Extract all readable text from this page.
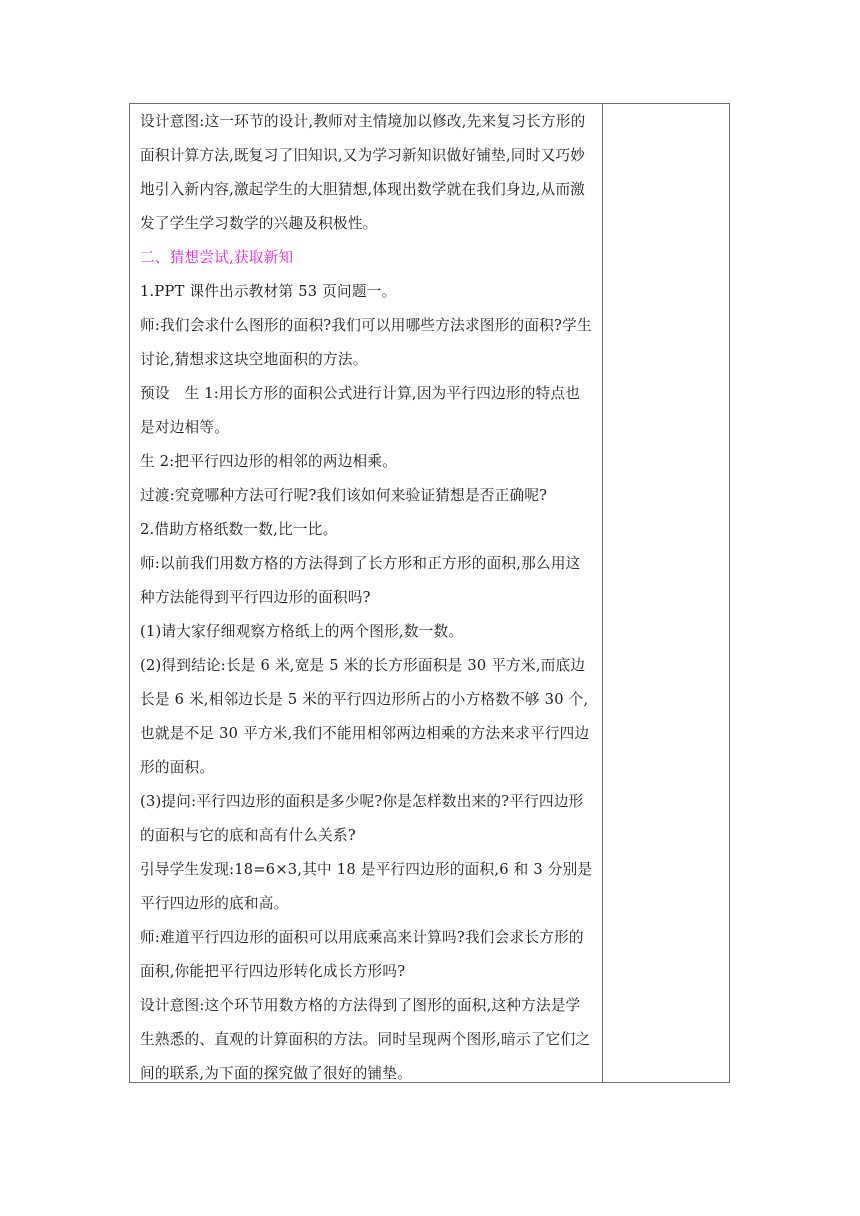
设计意图:这一环节的设计,教师对主情境加以修改,先来复习长方形的面积计算方法,既复习了旧知识,又为学习新知识做好铺垫,同时又巧妙地引入新内容,激起学生的大胆猜想,体现出数学就在我们身边,从而激发了学生学习数学的兴趣及积极性。

二、猜想尝试,获取新知

1.PPT 课件出示教材第 53 页问题一。

师:我们会求什么图形的面积?我们可以用哪些方法求图形的面积?学生讨论,猜想求这块空地面积的方法。

预设　生 1:用长方形的面积公式进行计算,因为平行四边形的特点也是对边相等。

生 2:把平行四边形的相邻的两边相乘。

过渡:究竟哪种方法可行呢?我们该如何来验证猜想是否正确呢?

2.借助方格纸数一数,比一比。

师:以前我们用数方格的方法得到了长方形和正方形的面积,那么用这种方法能得到平行四边形的面积吗?

(1)请大家仔细观察方格纸上的两个图形,数一数。

(2)得到结论:长是 6 米,宽是 5 米的长方形面积是 30 平方米,而底边长是 6 米,相邻边长是 5 米的平行四边形所占的小方格数不够 30 个,也就是不足 30 平方米,我们不能用相邻两边相乘的方法来求平行四边形的面积。

(3)提问:平行四边形的面积是多少呢?你是怎样数出来的?平行四边形的面积与它的底和高有什么关系?

引导学生发现:18=6×3,其中 18 是平行四边形的面积,6 和 3 分别是平行四边形的底和高。

师:难道平行四边形的面积可以用底乘高来计算吗?我们会求长方形的面积,你能把平行四边形转化成长方形吗?

设计意图:这个环节用数方格的方法得到了图形的面积,这种方法是学生熟悉的、直观的计算面积的方法。同时呈现两个图形,暗示了它们之间的联系,为下面的探究做了很好的铺垫。
